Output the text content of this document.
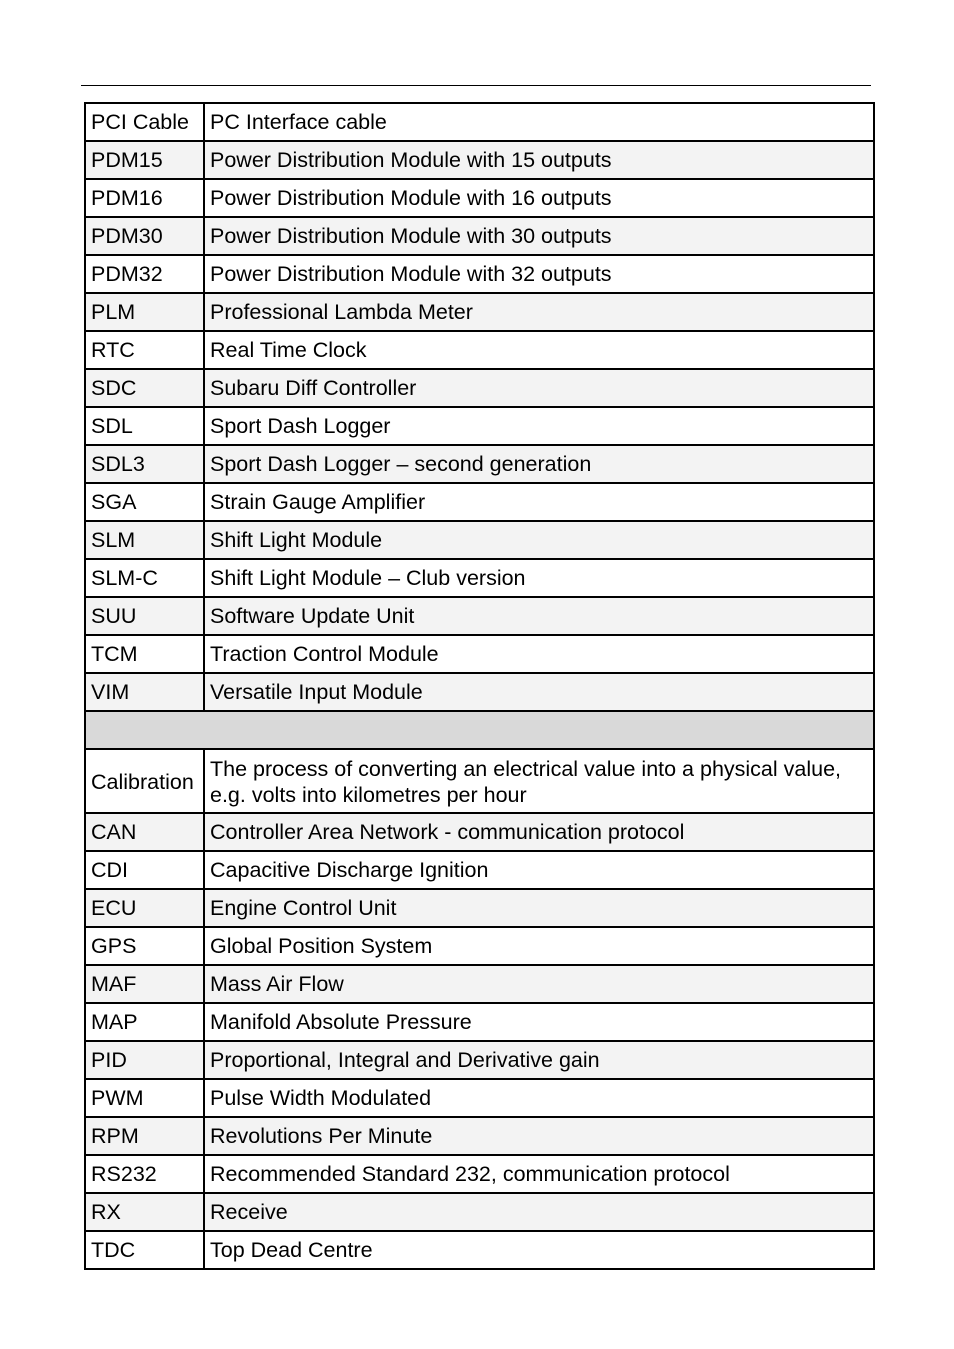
PCI Cable	PC Interface cable
PDM15	Power Distribution Module with 15 outputs
PDM16	Power Distribution Module with 16 outputs
PDM30	Power Distribution Module with 30 outputs
PDM32	Power Distribution Module with 32 outputs
PLM	Professional Lambda Meter
RTC	Real Time Clock
SDC	Subaru Diff Controller
SDL	Sport Dash Logger
SDL3	Sport Dash Logger – second generation
SGA	Strain Gauge Amplifier
SLM	Shift Light Module
SLM-C	Shift Light Module – Club version
SUU	Software Update Unit
TCM	Traction Control Module
VIM	Versatile Input Module

Calibration	The process of converting an electrical value into a physical value, e.g. volts into kilometres per hour
CAN	Controller Area Network - communication protocol
CDI	Capacitive Discharge Ignition
ECU	Engine Control Unit
GPS	Global Position System
MAF	Mass Air Flow
MAP	Manifold Absolute Pressure
PID	Proportional, Integral and Derivative gain
PWM	Pulse Width Modulated
RPM	Revolutions Per Minute
RS232	Recommended Standard 232, communication protocol
RX	Receive
TDC	Top Dead Centre
